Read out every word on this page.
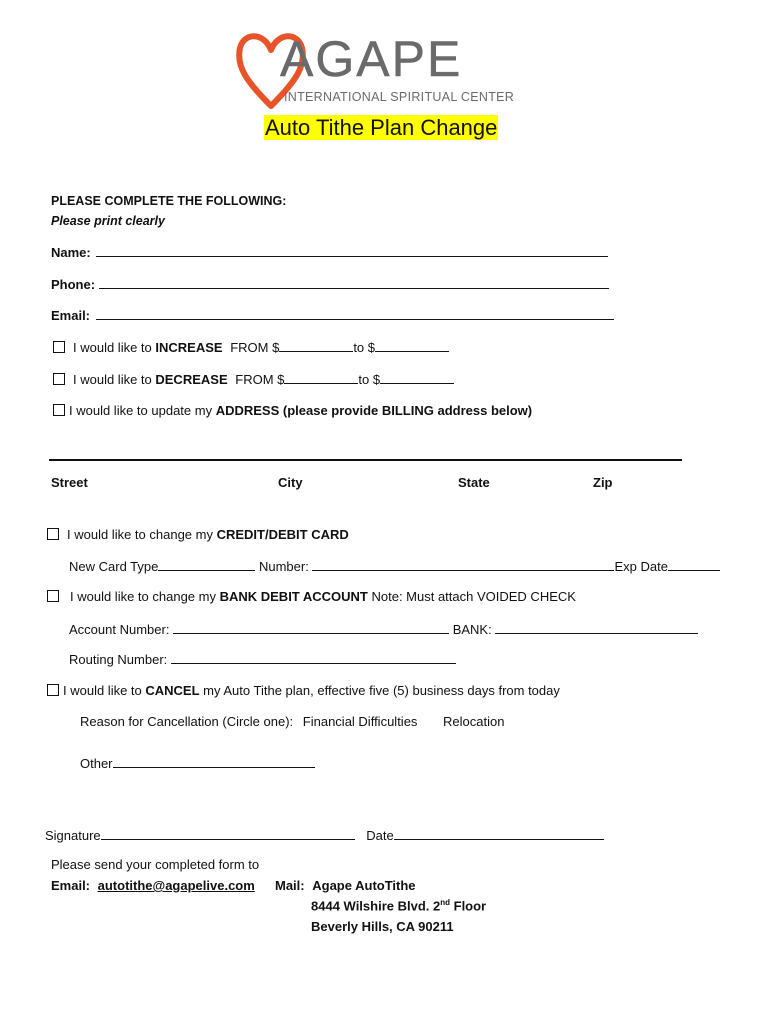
AGAPE
INTERNATIONAL SPIRITUAL CENTER
Auto Tithe Plan Change
PLEASE COMPLETE THE FOLLOWING:
Please print clearly
Name:
Phone:
Email:
I would like to INCREASE FROM $	to $
I would like to DECREASE FROM $	to $
I would like to update my ADDRESS (please provide BILLING address below)
Street	City	State	Zip
I would like to change my CREDIT/DEBIT CARD
New Card Type	Number:	Exp Date
I would like to change my BANK DEBIT ACCOUNT Note: Must attach VOIDED CHECK
Account Number:	BANK:
Routing Number:
I would like to CANCEL my Auto Tithe plan, effective five (5) business days from today
Reason for Cancellation (Circle one): Financial Difficulties Relocation
Other
Signature	Date
Please send your completed form to
Email: autotithe@agapelive.com Mail: Agape AutoTithe
8444 Wilshire Blvd. 2nd Floor
Beverly Hills, CA 90211
